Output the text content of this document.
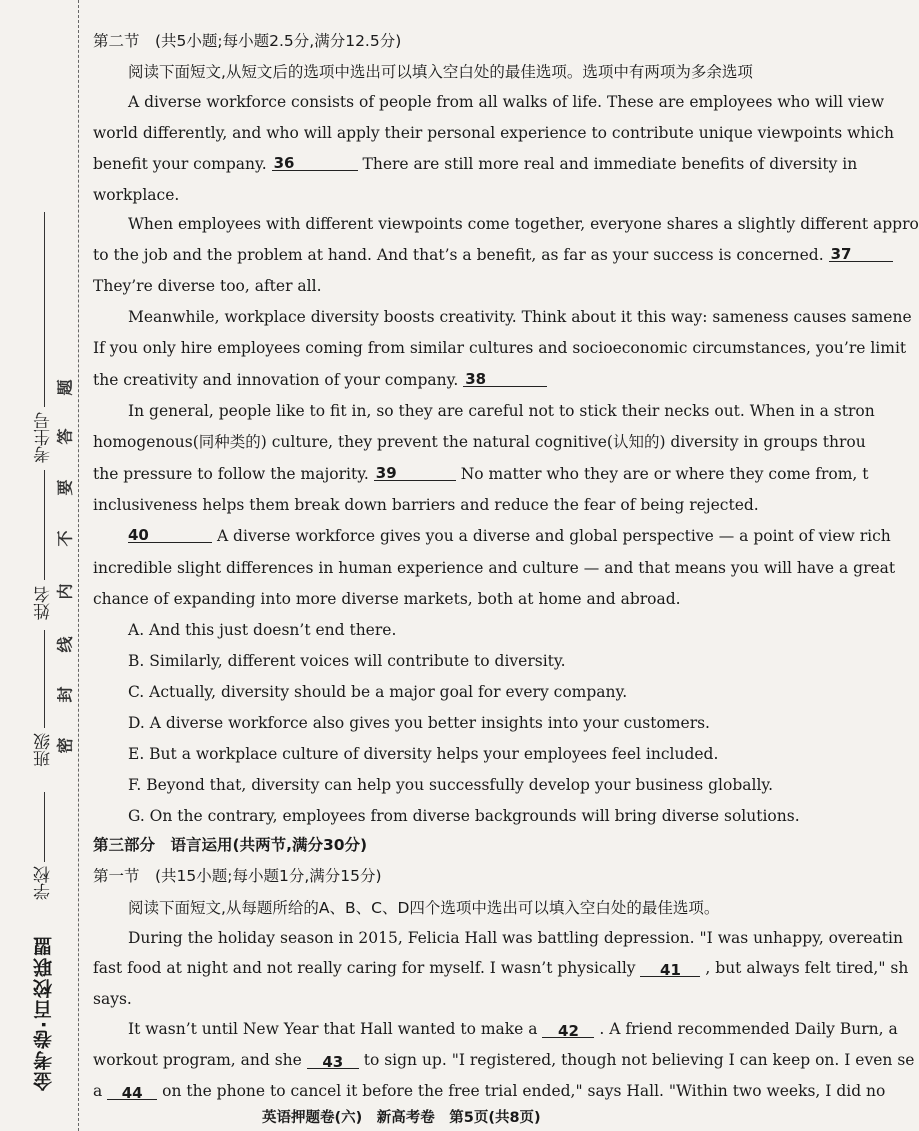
考生号
姓名
班级
学校
题
答
要
不
内
线
封
密
金考卷·百校联盟
第二节　(共5小题;每小题2.5分,满分12.5分)
阅读下面短文,从短文后的选项中选出可以填入空白处的最佳选项。选项中有两项为多余选项
A diverse workforce consists of people from all walks of life. These are employees who will view
world differently, and who will apply their personal experience to contribute unique viewpoints which
benefit your company. 36	There are still more real and immediate benefits of diversity in
workplace.
When employees with different viewpoints come together, everyone shares a slightly different appro
to the job and the problem at hand. And that’s a benefit, as far as your success is concerned. 37
They’re diverse too, after all.
Meanwhile, workplace diversity boosts creativity. Think about it this way: sameness causes samene
If you only hire employees coming from similar cultures and socioeconomic circumstances, you’re limit
the creativity and innovation of your company. 38
In general, people like to fit in, so they are careful not to stick their necks out. When in a stron
homogenous(同种类的) culture, they prevent the natural cognitive(认知的) diversity in groups throu
the pressure to follow the majority. 39	No matter who they are or where they come from, t
inclusiveness helps them break down barriers and reduce the fear of being rejected.
40	A diverse workforce gives you a diverse and global perspective — a point of view rich
incredible slight differences in human experience and culture — and that means you will have a great
chance of expanding into more diverse markets, both at home and abroad.
A. And this just doesn’t end there.
B. Similarly, different voices will contribute to diversity.
C. Actually, diversity should be a major goal for every company.
D. A diverse workforce also gives you better insights into your customers.
E. But a workplace culture of diversity helps your employees feel included.
F. Beyond that, diversity can help you successfully develop your business globally.
G. On the contrary, employees from diverse backgrounds will bring diverse solutions.
第三部分　语言运用(共两节,满分30分)
第一节　(共15小题;每小题1分,满分15分)
阅读下面短文,从每题所给的A、B、C、D四个选项中选出可以填入空白处的最佳选项。
During the holiday season in 2015, Felicia Hall was battling depression. "I was unhappy, overeatin
fast food at night and not really caring for myself. I wasn’t physically 41 , but always felt tired," sh
says.
It wasn’t until New Year that Hall wanted to make a 42 . A friend recommended Daily Burn, a
workout program, and she 43 to sign up. "I registered, though not believing I can keep on. I even se
a 44 on the phone to cancel it before the free trial ended," says Hall. "Within two weeks, I did no
英语押题卷(六)　新高考卷　第5页(共8页)
